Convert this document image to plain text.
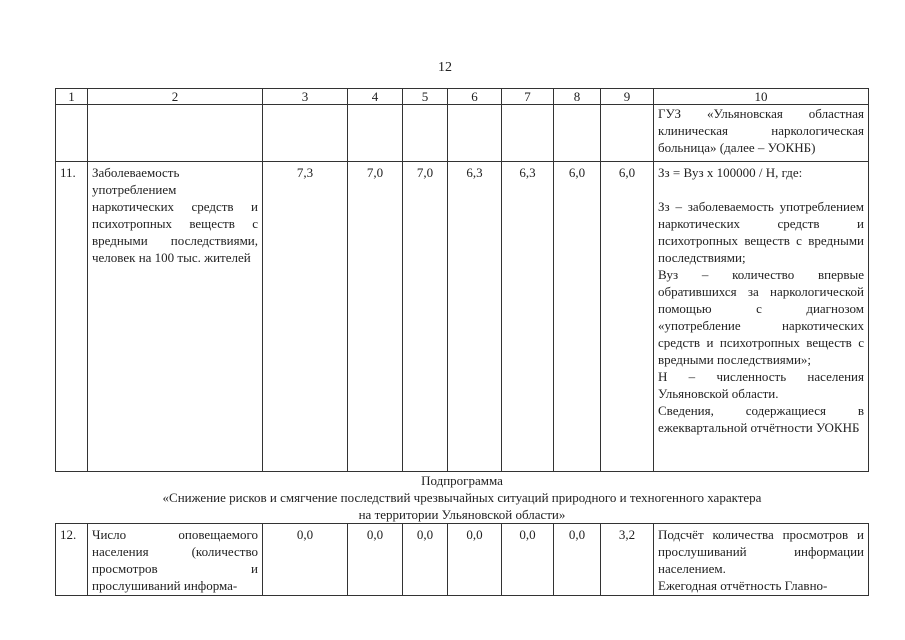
12
1	2	3	4	5	6	7	8	9	10
									ГУЗ «Ульяновская областная клиническая наркологическая больница» (далее – УОКНБ)
11.	Заболеваемость употреблением наркотических средств и психотропных веществ с вредными последствиями, человек на 100 тыс. жителей	7,3	7,0	7,0	6,3	6,3	6,0	6,0	Зз = Вуз х 100000 / Н, где:
Зз – заболеваемость употреблением наркотических средств и психотропных веществ с вредными последствиями;
Вуз – количество впервые обратившихся за наркологической помощью с диагнозом «употребление наркотических средств и психотропных веществ с вредными последствиями»;
Н – численность населения Ульяновской области.
Сведения, содержащиеся в ежеквартальной отчётности УОКНБ

Подпрограмма
«Снижение рисков и смягчение последствий чрезвычайных ситуаций природного и техногенного характера
на территории Ульяновской области»									

12.	Число оповещаемого населения (количество просмотров и прослушиваний информа-	0,0	0,0	0,0	0,0	0,0	0,0	3,2	Подсчёт количества просмотров и прослушиваний информации населением.
Ежегодная отчётность Главно-
